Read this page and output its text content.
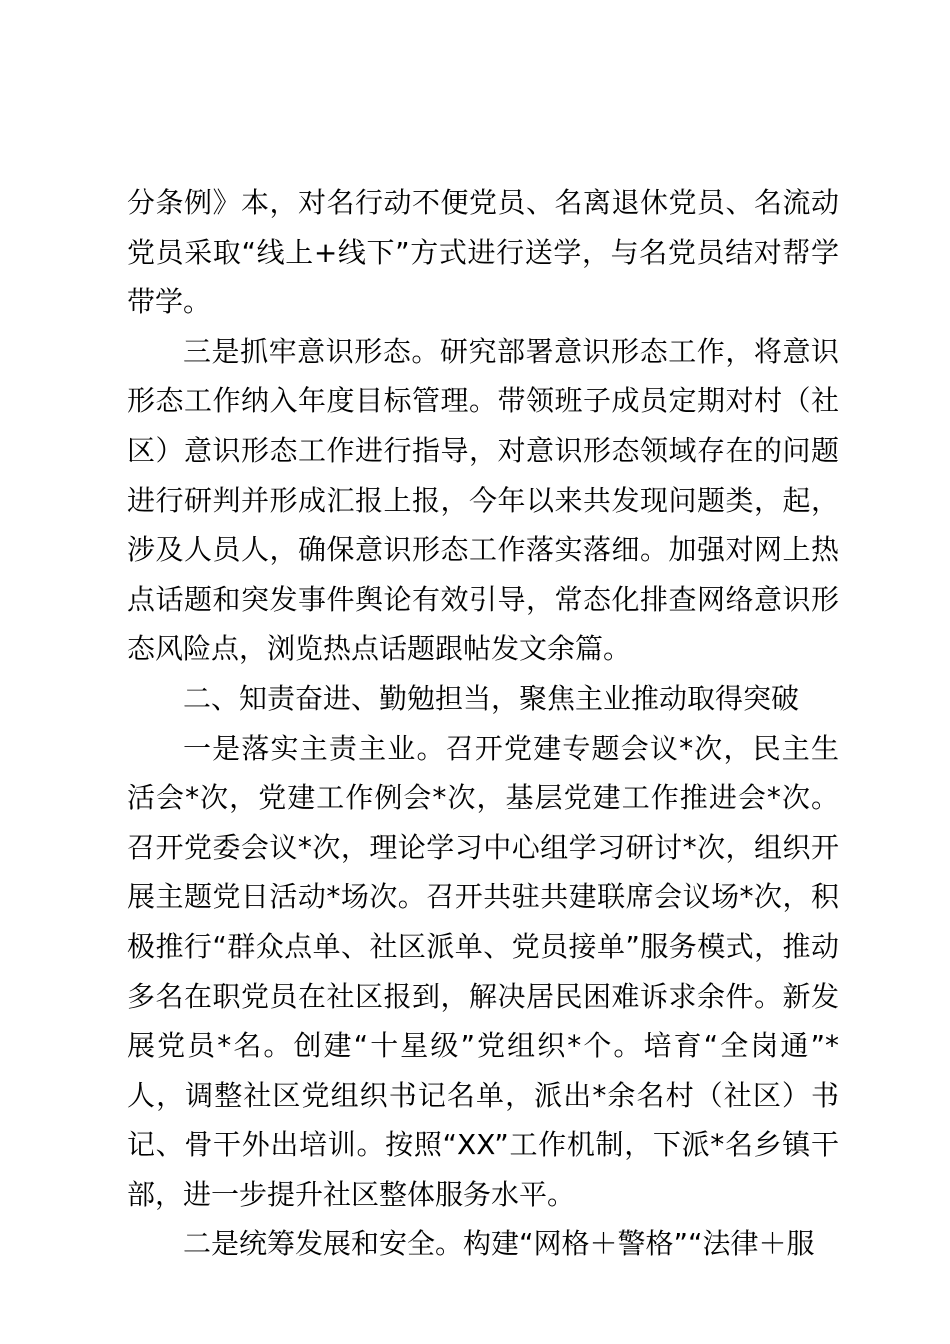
分条例》本，对名行动不便党员、名离退休党员、名流动党员采取“线上+线下”方式进行送学，与名党员结对帮学带学。

三是抓牢意识形态。研究部署意识形态工作，将意识形态工作纳入年度目标管理。带领班子成员定期对村（社区）意识形态工作进行指导，对意识形态领域存在的问题进行研判并形成汇报上报，今年以来共发现问题类，起，涉及人员人，确保意识形态工作落实落细。加强对网上热点话题和突发事件舆论有效引导，常态化排查网络意识形态风险点，浏览热点话题跟帖发文余篇。

二、知责奋进、勤勉担当，聚焦主业推动取得突破

一是落实主责主业。召开党建专题会议*次，民主生活会*次，党建工作例会*次，基层党建工作推进会*次。召开党委会议*次，理论学习中心组学习研讨*次，组织开展主题党日活动*场次。召开共驻共建联席会议场*次，积极推行“群众点单、社区派单、党员接单”服务模式，推动多名在职党员在社区报到，解决居民困难诉求余件。新发展党员*名。创建“十星级”党组织*个。培育“全岗通”*人，调整社区党组织书记名单，派出*余名村（社区）书记、骨干外出培训。按照“XX”工作机制，下派*名乡镇干部，进一步提升社区整体服务水平。

二是统筹发展和安全。构建“网格＋警格”“法律＋服
